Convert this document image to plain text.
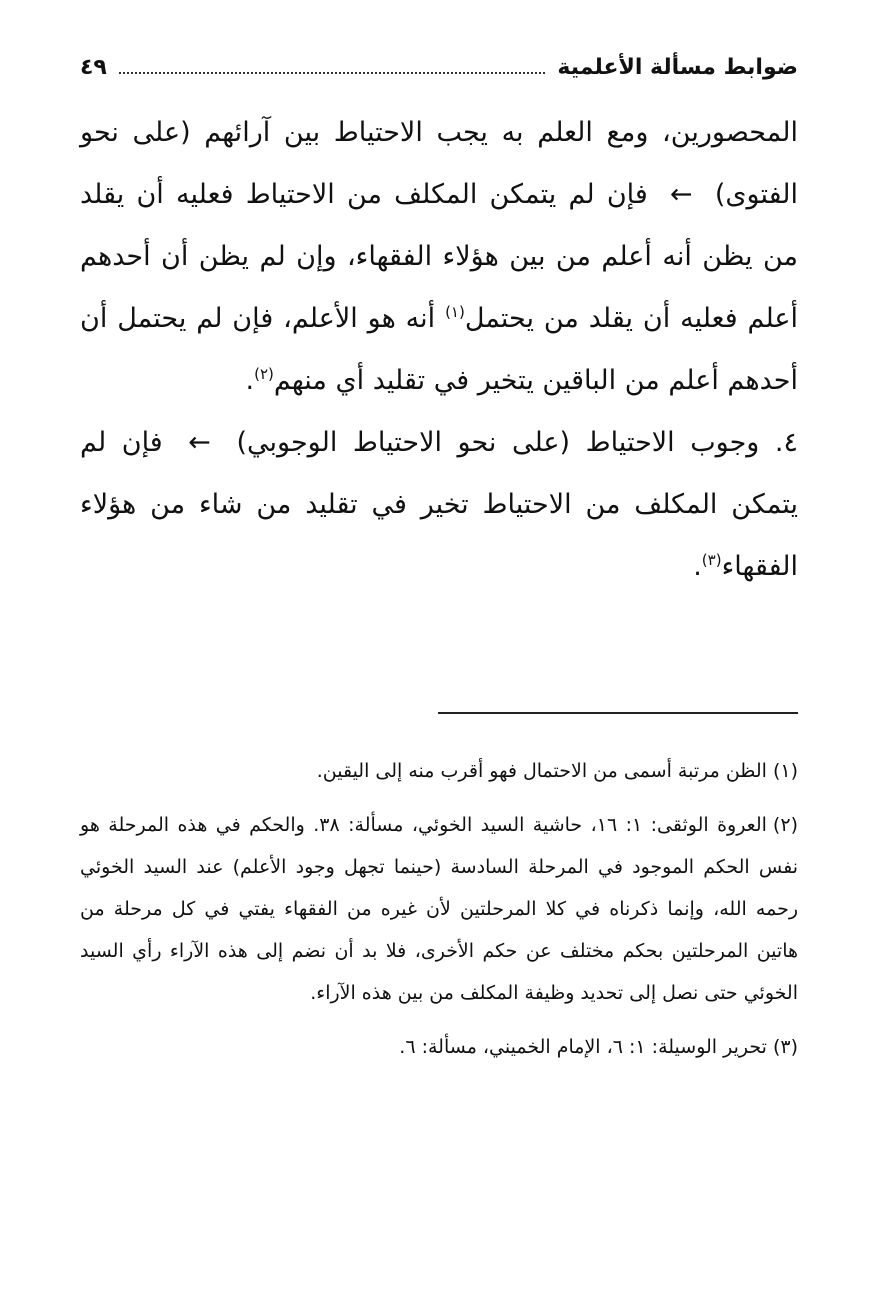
ضوابط مسألة الأعلمية
٤٩

المحصورين، ومع العلم به يجب الاحتياط بين آرائهم (على نحو الفتوى) ← فإن لم يتمكن المكلف من الاحتياط فعليه أن يقلد من يظن أنه أعلم من بين هؤلاء الفقهاء، وإن لم يظن أن أحدهم أعلم فعليه أن يقلد من يحتمل$^{(١)}$ أنه هو الأعلم، فإن لم يحتمل أن أحدهم أعلم من الباقين يتخير في تقليد أي منهم$^{(٢)}$.

٤. وجوب الاحتياط (على نحو الاحتياط الوجوبي) ← فإن لم يتمكن المكلف من الاحتياط تخير في تقليد من شاء من هؤلاء الفقهاء$^{(٣)}$.

(١)الظن مرتبة أسمى من الاحتمال فهو أقرب منه إلى اليقين.

(٢)العروة الوثقى: ١: ١٦، حاشية السيد الخوئي، مسألة: ٣٨. والحكم في هذه المرحلة هو نفس الحكم الموجود في المرحلة السادسة (حينما تجهل وجود الأعلم) عند السيد الخوئي رحمه الله، وإنما ذكرناه في كلا المرحلتين لأن غيره من الفقهاء يفتي في كل مرحلة من هاتين المرحلتين بحكم مختلف عن حكم الأخرى، فلا بد أن نضم إلى هذه الآراء رأي السيد الخوئي حتى نصل إلى تحديد وظيفة المكلف من بين هذه الآراء.

(٣)تحرير الوسيلة: ١: ٦، الإمام الخميني، مسألة: ٦.
